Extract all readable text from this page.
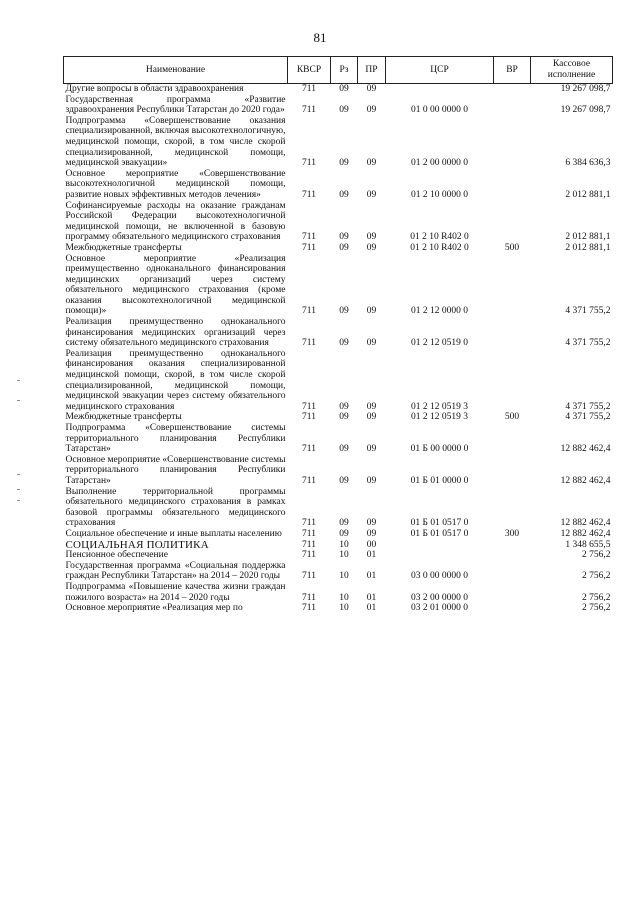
81
Наименование	КВСР	Рз	ПР	ЦСР	ВР	Кассовое исполнение
Другие вопросы в области здравоохранения	711	09	09			19 267 098,7
Государственная программа «Развитие здравоохранения Республики Татарстан до 2020 года»	711	09	09	01 0 00 0000 0		19 267 098,7
Подпрограмма «Совершенствование оказания специализированной, включая высокотехнологичную, медицинской помощи, скорой, в том числе скорой специализированной, медицинской помощи, медицинской эвакуации»	711	09	09	01 2 00 0000 0		6 384 636,3
Основное мероприятие «Совершенствование высокотехнологичной медицинской помощи, развитие новых эффективных методов лечения»	711	09	09	01 2 10 0000 0		2 012 881,1
Софинансируемые расходы на оказание гражданам Российской Федерации высокотехнологичной медицинской помощи, не включенной в базовую программу обязательного медицинского страхования	711	09	09	01 2 10 R402 0		2 012 881,1
Межбюджетные трансферты	711	09	09	01 2 10 R402 0	500	2 012 881,1
Основное мероприятие «Реализация преимущественно одноканального финансирования медицинских организаций через систему обязательного медицинского страхования (кроме оказания высокотехнологичной медицинской помощи)»	711	09	09	01 2 12 0000 0		4 371 755,2
Реализация преимущественно одноканального финансирования медицинских организаций через систему обязательного медицинского страхования	711	09	09	01 2 12 0519 0		4 371 755,2
Реализация преимущественно одноканального финансирования оказания специализированной медицинской помощи, скорой, в том числе скорой специализированной, медицинской помощи, медицинской эвакуации через систему обязательного медицинского страхования	711	09	09	01 2 12 0519 3		4 371 755,2
Межбюджетные трансферты	711	09	09	01 2 12 0519 3	500	4 371 755,2
Подпрограмма «Совершенствование системы территориального планирования Республики Татарстан»	711	09	09	01 Б 00 0000 0		12 882 462,4
Основное мероприятие «Совершенствование системы территориального планирования Республики Татарстан»	711	09	09	01 Б 01 0000 0		12 882 462,4
Выполнение территориальной программы обязательного медицинского страхования в рамках базовой программы обязательного медицинского страхования	711	09	09	01 Б 01 0517 0		12 882 462,4
Социальное обеспечение и иные выплаты населению	711	09	09	01 Б 01 0517 0	300	12 882 462,4
СОЦИАЛЬНАЯ ПОЛИТИКА	711	10	00			1 348 655,5
Пенсионное обеспечение	711	10	01			2 756,2
Государственная программа «Социальная поддержка граждан Республики Татарстан» на 2014 – 2020 годы	711	10	01	03 0 00 0000 0		2 756,2
Подпрограмма «Повышение качества жизни граждан пожилого возраста» на 2014 – 2020 годы	711	10	01	03 2 00 0000 0		2 756,2
Основное мероприятие «Реализация мер по	711	10	01	03 2 01 0000 0		2 756,2
